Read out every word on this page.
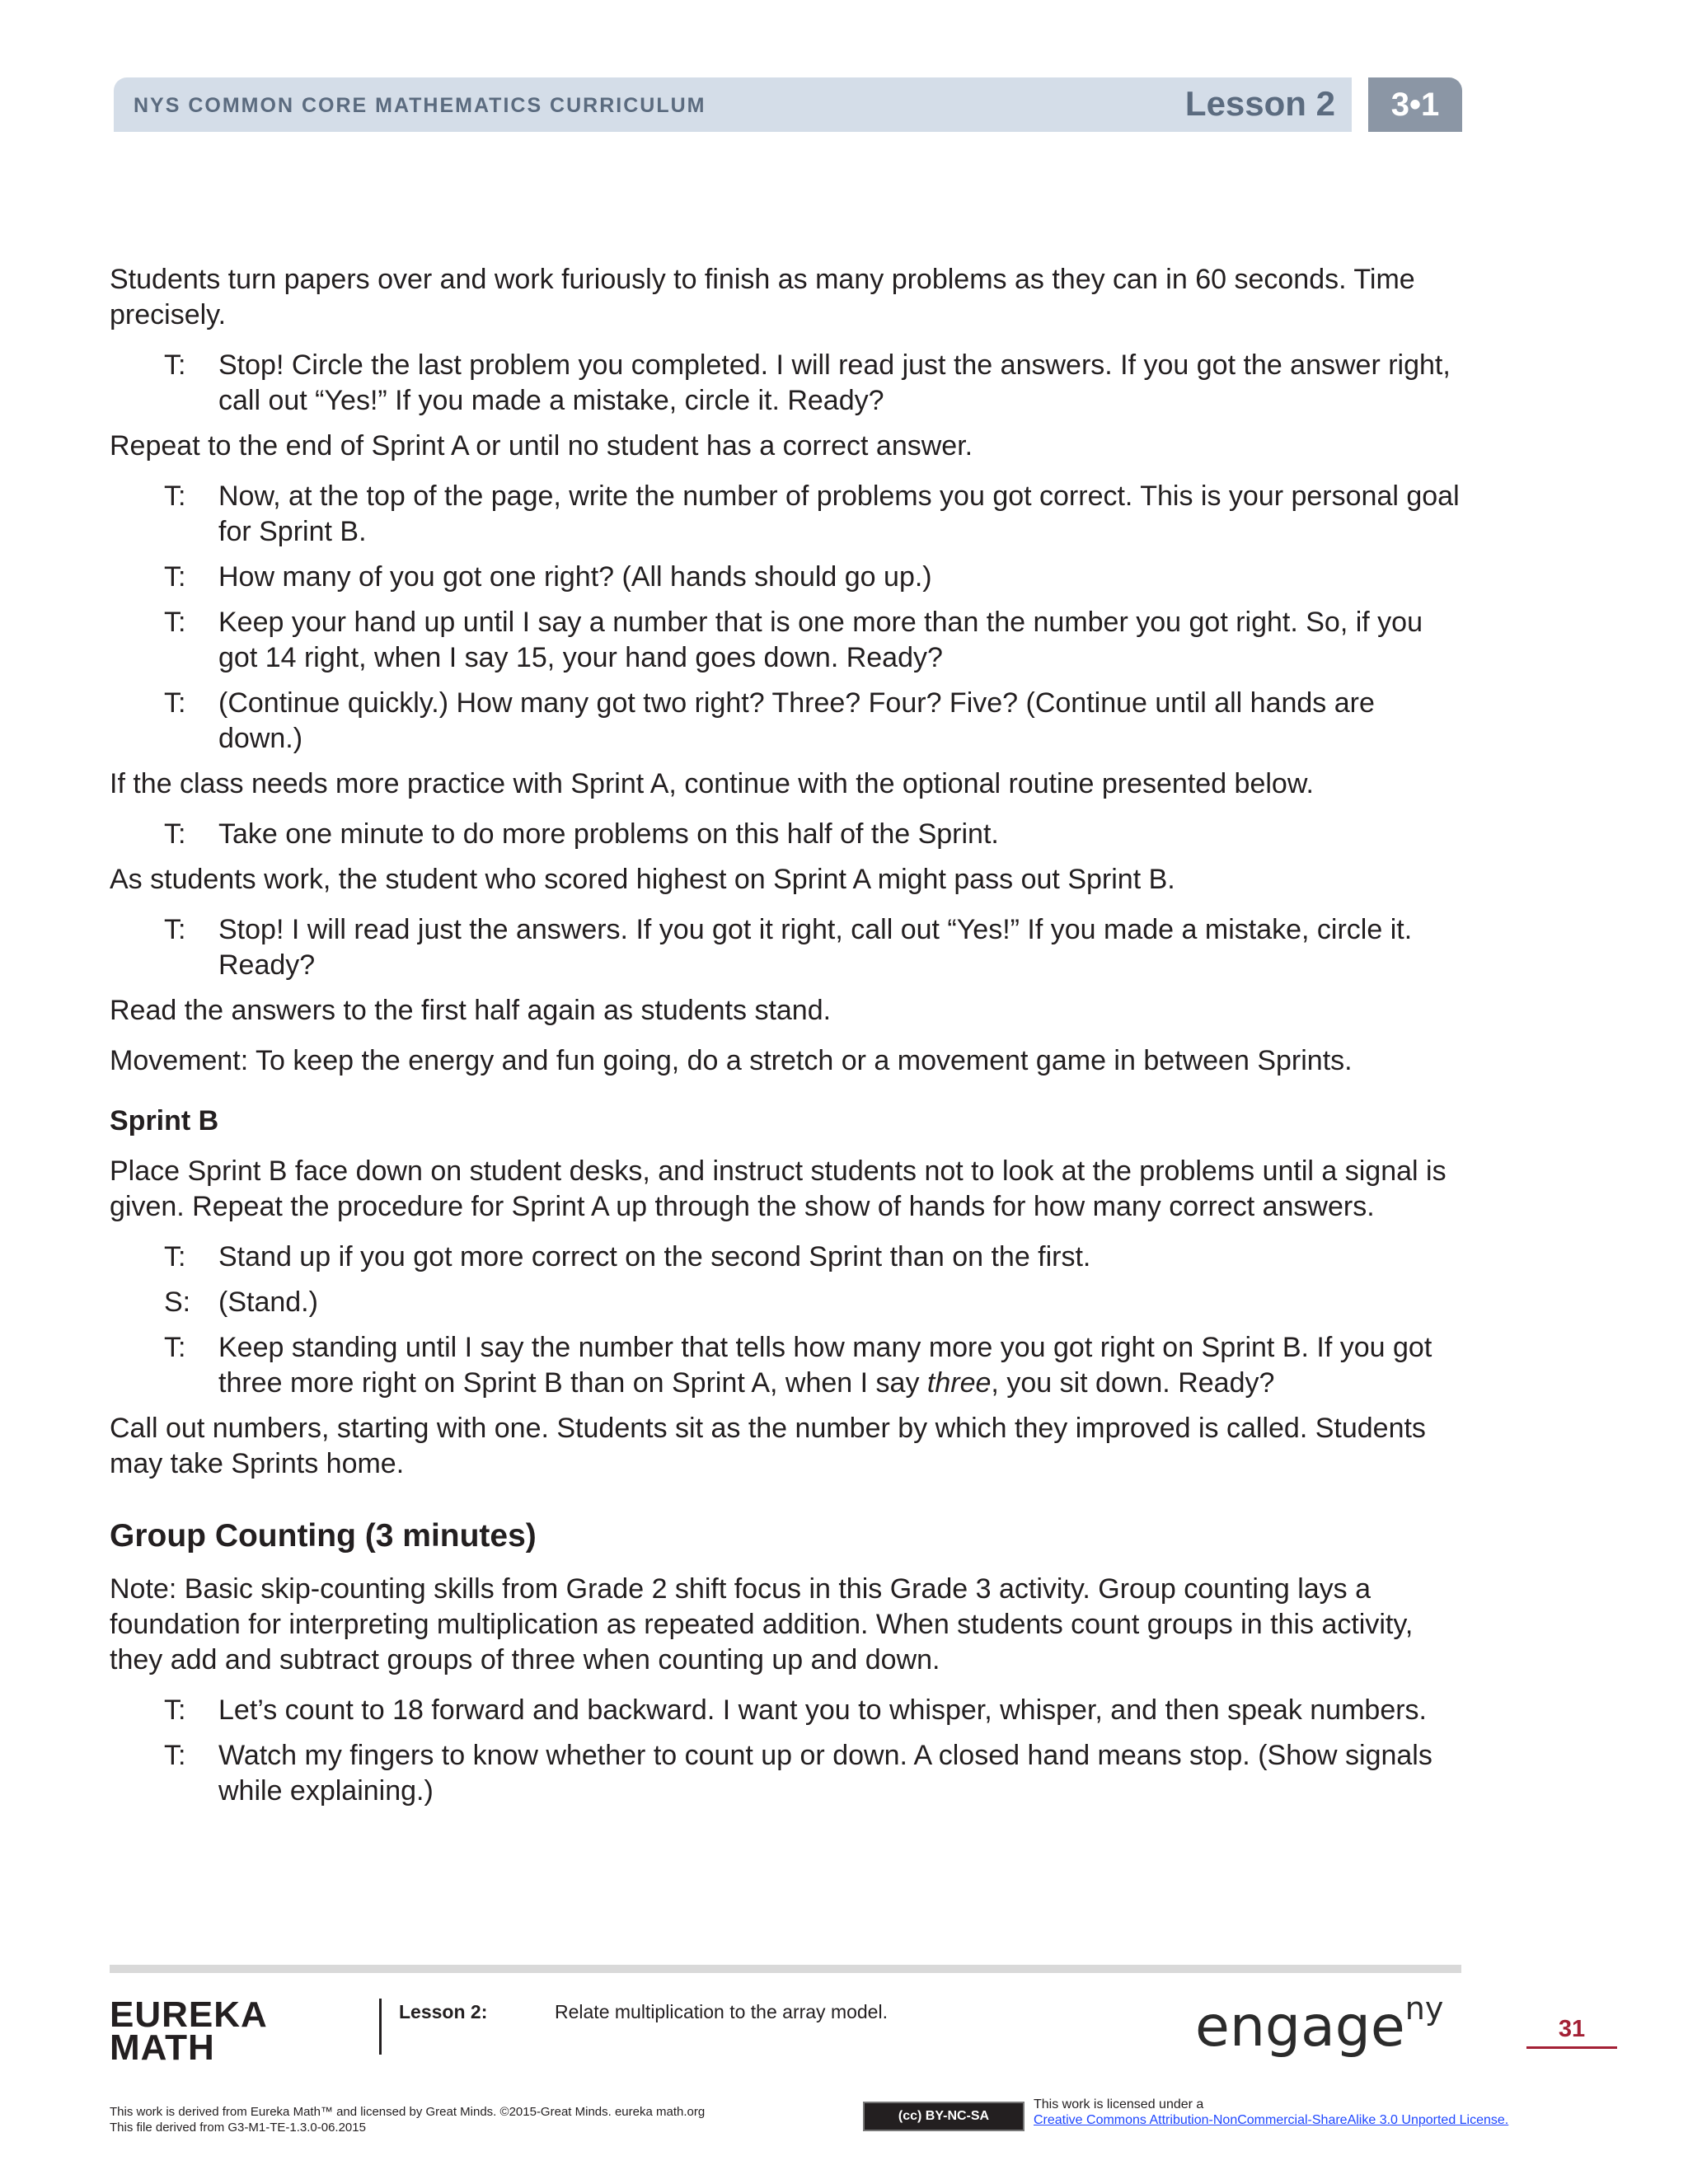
NYS COMMON CORE MATHEMATICS CURRICULUM	Lesson 2	3•1

Students turn papers over and work furiously to finish as many problems as they can in 60 seconds. Time precisely.

T:	Stop! Circle the last problem you completed. I will read just the answers. If you got the answer right, call out “Yes!” If you made a mistake, circle it. Ready?

Repeat to the end of Sprint A or until no student has a correct answer.

T:	Now, at the top of the page, write the number of problems you got correct. This is your personal goal for Sprint B.
T:	How many of you got one right? (All hands should go up.)
T:	Keep your hand up until I say a number that is one more than the number you got right. So, if you got 14 right, when I say 15, your hand goes down. Ready?
T:	(Continue quickly.) How many got two right? Three? Four? Five? (Continue until all hands are down.)

If the class needs more practice with Sprint A, continue with the optional routine presented below.

T:	Take one minute to do more problems on this half of the Sprint.

As students work, the student who scored highest on Sprint A might pass out Sprint B.

T:	Stop! I will read just the answers. If you got it right, call out “Yes!” If you made a mistake, circle it. Ready?

Read the answers to the first half again as students stand.

Movement: To keep the energy and fun going, do a stretch or a movement game in between Sprints.

Sprint B

Place Sprint B face down on student desks, and instruct students not to look at the problems until a signal is given. Repeat the procedure for Sprint A up through the show of hands for how many correct answers.

T:	Stand up if you got more correct on the second Sprint than on the first.
S: (Stand.)
T:	Keep standing until I say the number that tells how many more you got right on Sprint B. If you got three more right on Sprint B than on Sprint A, when I say three, you sit down. Ready?

Call out numbers, starting with one. Students sit as the number by which they improved is called. Students may take Sprints home.

Group Counting (3 minutes)

Note: Basic skip-counting skills from Grade 2 shift focus in this Grade 3 activity. Group counting lays a foundation for interpreting multiplication as repeated addition. When students count groups in this activity, they add and subtract groups of three when counting up and down.

T:	Let’s count to 18 forward and backward. I want you to whisper, whisper, and then speak numbers.
T:	Watch my fingers to know whether to count up or down. A closed hand means stop. (Show signals while explaining.)
EUREKA
MATH
Lesson 2:	Relate multiplication to the array model.	engage$^{ny}$
31
This work is derived from Eureka Math™ and licensed by Great Minds. ©2015-Great Minds. eureka math.org
This file derived from G3-M1-TE-1.3.0-06.2015
(cc) BY-NC-SA
This work is licensed under a
Creative Commons Attribution-NonCommercial-ShareAlike 3.0 Unported License.
